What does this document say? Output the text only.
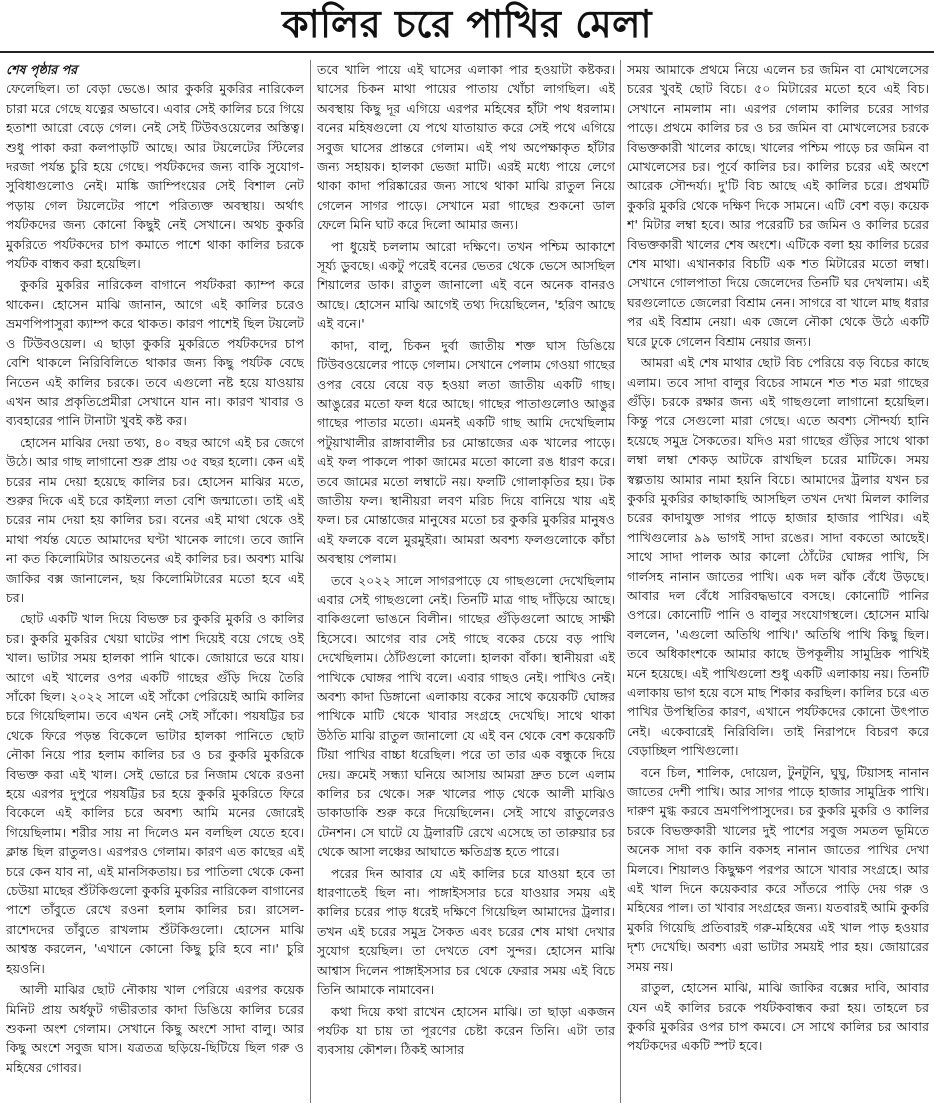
কালির চরে পাখির মেলা
শেষ পৃষ্ঠার পর

ফেলেছিল। তা বেড়া ভেঙে। আর কুকরি মুকরির নারিকেল চারা মরে গেছে যত্নের অভাবে। এবার সেই কালির চরে গিয়ে হতাশা আরো বেড়ে গেল। নেই সেই টিউবওয়েলের অস্তিত্ব। শুধু পাকা করা কলপাড়টি আছে। আর টয়লেটের স্টিলের দরজা পর্যন্ত চুরি হয়ে গেছে। পর্যটকদের জন্য বাকি সুযোগ-সুবিধাগুলোও নেই। মাঙ্কি জাম্পিংয়ের সেই বিশাল নেট পড়ায় গেল টয়লেটের পাশে পরিত্যক্ত অবস্থায়। অর্থাৎ পর্যটকদের জন্য কোনো কিছুই নেই সেখানে। অথচ কুকরি মুকরিতে পর্যটকদের চাপ কমাতে পাশে থাকা কালির চরকে পর্যটক বান্ধব করা হয়েছিল।

কুকরি মুকরির নারিকেল বাগানে পর্যটকরা ক্যাম্প করে থাকেন। হোসেন মাঝি জানান, আগে এই কালির চরেও ভ্রমণপিপাসুরা ক্যাম্প করে থাকত। কারণ পাশেই ছিল টয়লেট ও টিউবওয়েল। এ ছাড়া কুকরি মুকরিতে পর্যটকদের চাপ বেশি থাকলে নিরিবিলিতে থাকার জন্য কিছু পর্যটক বেছে নিতেন এই কালির চরকে। তবে এগুলো নষ্ট হয়ে যাওয়ায় এখন আর প্রকৃতিপ্রেমীরা সেখানে যান না। কারণ খাবার ও ব্যবহারের পানি টানাটা খুবই কষ্ট কর।

হোসেন মাঝির দেয়া তথ্য, ৪০ বছর আগে এই চর জেগে উঠে। আর গাছ লাগানো শুরু প্রায় ৩৫ বছর হলো। কেন এই চরের নাম দেয়া হয়েছে কালির চর। হোসেন মাঝির মতে, শুরুর দিকে এই চরে কাইল্যা লতা বেশি জন্মাতো। তাই এই চরের নাম দেয়া হয় কালির চর। বনের এই মাথা থেকে ওই মাথা পর্যন্ত যেতে আমাদের ঘণ্টা খানেক লাগে। তবে জানি না কত কিলোমিটার আয়তনের এই কালির চর। অবশ্য মাঝি জাকির বক্স জানালেন, ছয় কিলোমিটারের মতো হবে এই চর।

ছোট একটি খাল দিয়ে বিভক্ত চর কুকরি মুকরি ও কালির চর। কুকরি মুকরির খেয়া ঘাটের পাশ দিয়েই বয়ে গেছে ওই খাল। ভাটার সময় হালকা পানি থাকে। জোয়ারে ভরে যায়। আগে এই খালের ওপর একটি গাছের গুঁড়ি দিয়ে তৈরি সাঁকো ছিল। ২০২২ সালে এই সাঁকো পেরিয়েই আমি কালির চরে গিয়েছিলাম। তবে এখন নেই সেই সাঁকো। পয়ষট্টির চর থেকে ফিরে পড়ন্ত বিকেলে ভাটার হালকা পানিতে ছোট নৌকা নিয়ে পার হলাম কালির চর ও চর কুকরি মুকরিকে বিভক্ত করা এই খাল। সেই ভোরে চর নিজাম থেকে রওনা হয়ে এরপর দুপুরে পয়ষট্টির চর হয়ে কুকরি মুকরিতে ফিরে বিকেলে এই কালির চরে অবশ্য আমি মনের জোরেই গিয়েছিলাম। শরীর সায় না দিলেও মন বলছিল যেতে হবে। ক্লান্ত ছিল রাতুলও। এরপরও গেলাম। কারণ এত কাছের এই চরে কেন যাব না, এই মানসিকতায়। চর পাতিলা থেকে কেনা চেউয়া মাছের শুঁটকিগুলো কুকরি মুকরির নারিকেল বাগানের পাশে তাঁবুতে রেখে রওনা হলাম কালির চর। রাসেল-রাশেদদের তাঁবুতে রাখলাম শুঁটকিগুলো। হোসেন মাঝি আশ্বস্ত করলেন, 'এখানে কোনো কিছু চুরি হবে না।' চুরি হয়ওনি।

আলী মাঝির ছোট নৌকায় খাল পেরিয়ে এরপর কয়েক মিনিট প্রায় অর্ধফুট গভীরতার কাদা ডিঙিয়ে কালির চরের শুকনা অংশ গেলাম। সেখানে কিছু অংশে সাদা বালু। আর কিছু অংশে সবুজ ঘাস। যত্রতত্র ছড়িয়ে-ছিটিয়ে ছিল গরু ও মহিষের গোবর।

তবে খালি পায়ে এই ঘাসের এলাকা পার হওয়াটা কষ্টকর। ঘাসের চিকন মাথা পায়ের পাতায় খোঁচা লাগছিল। এই অবস্থায় কিছু দূর এগিয়ে এরপর মহিষের হাঁটা পথ ধরলাম। বনের মহিষগুলো যে পথে যাতায়াত করে সেই পথে এগিয়ে সবুজ ঘাসের প্রান্তরে গেলাম। এই পথ অপেক্ষাকৃত হাঁটার জন্য সহায়ক। হালকা ভেজা মাটি। এরই মধ্যে পায়ে লেগে থাকা কাদা পরিষ্কারের জন্য সাথে থাকা মাঝি রাতুল নিয়ে গেলেন সাগর পাড়ে। সেখানে মরা গাছের শুকনো ডাল ফেলে মিনি ঘাট করে দিলো আমার জন্য।

পা ধুয়েই চললাম আরো দক্ষিণে। তখন পশ্চিম আকাশে সূর্য্য ডুবছে। একটু পরেই বনের ভেতর থেকে ভেসে আসছিল শিয়ালের ডাক। রাতুল জানালো এই বনে অনেক বানরও আছে। হোসেন মাঝি আগেই তথ্য দিয়েছিলেন, 'হরিণ আছে এই বনে।'

কাদা, বালু, চিকন দুর্বা জাতীয় শক্ত ঘাস ডিঙিয়ে টিউবওয়েলের পাড়ে গেলাম। সেখানে পেলাম গেওয়া গাছের ওপর বেয়ে বেয়ে বড় হওয়া লতা জাতীয় একটি গাছ। আঙুরের মতো ফল ধরে আছে। গাছের পাতাগুলোও আঙুর গাছের পাতার মতো। এমনই একটি গাছ আমি দেখেছিলাম পটুয়াখালীর রাঙ্গাবালীর চর মোন্তাজের এক খালের পাড়ে। এই ফল পাকলে পাকা জামের মতো কালো রঙ ধারণ করে। তবে জামের মতো লম্বাটে নয়। ফলটি গোলাকৃতির হয়। টক জাতীয় ফল। স্থানীয়রা লবণ মরিচ দিয়ে বানিয়ে খায় এই ফল। চর মোন্তাজের মানুষের মতো চর কুকরি মুকরির মানুষও এই ফলকে বলে মুরমুইরা। আমরা অবশ্য ফলগুলোকে কাঁচা অবস্থায় পেলাম।

তবে ২০২২ সালে সাগরপাড়ে যে গাছগুলো দেখেছিলাম এবার সেই গাছগুলো নেই। তিনটি মাত্র গাছ দাঁড়িয়ে আছে। বাকিগুলো ভাঙনে বিলীন। গাছের গুঁড়িগুলো আছে সাক্ষী হিসেবে। আগের বার সেই গাছে বকের চেয়ে বড় পাখি দেখেছিলাম। ঠোঁটগুলো কালো। হালকা বাঁকা। স্থানীয়রা এই পাখিকে ঘোঙ্গর পাখি বলে। এবার গাছও নেই। পাখিও নেই। অবশ্য কাদা ডিঙ্গানো এলাকায় বকের সাথে কয়েকটি ঘোঙ্গর পাখিকে মাটি থেকে খাবার সংগ্রহে দেখেছি। সাথে থাকা উঠতি মাঝি রাতুল জানালো যে এই বন থেকে বেশ কয়েকটি টিয়া পাখির বাচ্চা ধরেছিল। পরে তা তার এক বন্ধুকে দিয়ে দেয়। ক্রমেই সন্ধ্যা ঘনিয়ে আসায় আমরা দ্রুত চলে এলাম কালির চর থেকে। সরু খালের পাড় থেকে আলী মাঝিও ডাকাডাকি শুরু করে দিয়েছিলেন। সেই সাথে রাতুলেরও টেনশন। সে ঘাটে যে ট্রলারটি রেখে এসেছে তা তারুয়ার চর থেকে আসা লঞ্চের আঘাতে ক্ষতিগ্রস্ত হতে পারে।

পরের দিন আবার যে এই কালির চরে যাওয়া হবে তা ধারণাতেই ছিল না। পাঙ্গাইসসার চরে যাওয়ার সময় এই কালির চরের পাড় ধরেই দক্ষিণে গিয়েছিল আমাদের ট্রলার। তখন এই চরের সমুদ্র সৈকত এবং চরের শেষ মাথা দেখার সুযোগ হয়েছিল। তা দেখতে বেশ সুন্দর। হোসেন মাঝি আশ্বাস দিলেন পাঙ্গাইসসার চর থেকে ফেরার সময় এই বিচে তিনি আমাকে নামাবেন।

কথা দিয়ে কথা রাখেন হোসেন মাঝি। তা ছাড়া একজন পর্যটক যা চায় তা পূরণের চেষ্টা করেন তিনি। এটা তার ব্যবসায় কৌশল। ঠিকই আসার

সময় আমাকে প্রথমে নিয়ে এলেন চর জমিন বা মোখলেসের চরের খুবই ছোট বিচে। ৫০ মিটারের মতো হবে এই বিচ। সেখানে নামলাম না। এরপর গেলাম কালির চরের সাগর পাড়ে। প্রথমে কালির চর ও চর জমিন বা মোখলেসের চরকে বিভক্তকারী খালের কাছে। খালের পশ্চিম পাড়ে চর জমিন বা মোখলেসের চর। পূর্বে কালির চর। কালির চরের এই অংশে আরেক সৌন্দর্য্য। দু'টি বিচ আছে এই কালির চরে। প্রথমটি কুকরি মুকরি থেকে দক্ষিণ দিকে সামনে। এটি বেশ বড়। কয়েক শ' মিটার লম্বা হবে। আর পরেরটি চর জমিন ও কালির চরের বিভক্তকারী খালের শেষ অংশে। এটিকে বলা হয় কালির চরের শেষ মাথা। এখানকার বিচটি এক শত মিটারের মতো লম্বা। সেখানে গোলপাতা দিয়ে জেলেদের তিনটি ঘর দেখলাম। এই ঘরগুলোতে জেলেরা বিশ্রাম নেন। সাগরে বা খালে মাছ ধরার পর এই বিশ্রাম নেয়া। এক জেলে নৌকা থেকে উঠে একটি ঘরে ঢুকে গেলেন বিশ্রাম নেয়ার জন্য।

আমরা এই শেষ মাথার ছোট বিচ পেরিয়ে বড় বিচের কাছে এলাম। তবে সাদা বালুর বিচের সামনে শত শত মরা গাছের গুঁড়ি। চরকে রক্ষার জন্য এই গাছগুলো লাগানো হয়েছিল। কিন্তু পরে সেগুলো মারা গেছে। এতে অবশ্য সৌন্দর্য্য হানি হয়েছে সমুদ্র সৈকতের। যদিও মরা গাছের গুঁড়ির সাথে থাকা লম্বা লম্বা শেকড় আটকে রাখছিল চরের মাটিকে। সময় স্বল্পতায় আমার নামা হয়নি বিচে। আমাদের ট্রলার যখন চর কুকরি মুকরির কাছাকাছি আসছিল তখন দেখা মিলল কালির চরের কাদাযুক্ত সাগর পাড়ে হাজার হাজার পাখির। এই পাখিগুলোর ৯৯ ভাগই সাদা রঙের। সাদা বকতো আছেই। সাথে সাদা পালক আর কালো ঠোঁটের ঘোঙ্গর পাখি, সি গার্লসহ নানান জাতের পাখি। এক দল ঝাঁক বেঁধে উড়ছে। আবার দল বেঁধে সারিবদ্ধভাবে বসছে। কোনোটি পানির ওপরে। কোনোটি পানি ও বালুর সংযোগস্থলে। হোসেন মাঝি বললেন, 'এগুলো অতিথি পাখি।' অতিথি পাখি কিছু ছিল। তবে অধিকাংশকে আমার কাছে উপকূলীয় সামুদ্রিক পাখিই মনে হয়েছে। এই পাখিগুলো শুধু একটি এলাকায় নয়। তিনটি এলাকায় ভাগ হয়ে বসে মাছ শিকার করছিল। কালির চরে এত পাখির উপস্থিতির কারণ, এখানে পর্যটকদের কোনো উৎপাত নেই। একেবারেই নিরিবিলি। তাই নিরাপদে বিচরণ করে বেড়াচ্ছিল পাখিগুলো।

বনে চিল, শালিক, দোয়েল, টুনটুনি, ঘুঘু, টিয়াসহ নানান জাতের দেশী পাখি। আর সাগর পাড়ে হাজার সামুদ্রিক পাখি। দারুণ মুগ্ধ করবে ভ্রমণপিপাসুদের। চর কুকরি মুকরি ও কালির চরকে বিভক্তকারী খালের দুই পাশের সবুজ সমতল ভূমিতে অনেক সাদা বক কানি বকসহ নানান জাতের পাখির দেখা মিলবে। শিয়ালও কিছুক্ষণ পরপর আসে খাবার সংগ্রহে। আর এই খাল দিনে কয়েকবার করে সাঁতরে পাড়ি দেয় গরু ও মহিষের পাল। তা খাবার সংগ্রহের জন্য। যতবারই আমি কুকরি মুকরি গিয়েছি প্রতিবারই গরু-মহিষের এই খাল পাড় হওয়ার দৃশ্য দেখেছি। অবশ্য এরা ভাটার সময়ই পার হয়। জোয়ারের সময় নয়।

রাতুল, হোসেন মাঝি, মাঝি জাকির বক্সের দাবি, আবার যেন এই কালির চরকে পর্যটকবান্ধব করা হয়। তাহলে চর কুকরি মুকরির ওপর চাপ কমবে। সে সাথে কালির চর আবার পর্যটকদের একটি স্পট হবে।
